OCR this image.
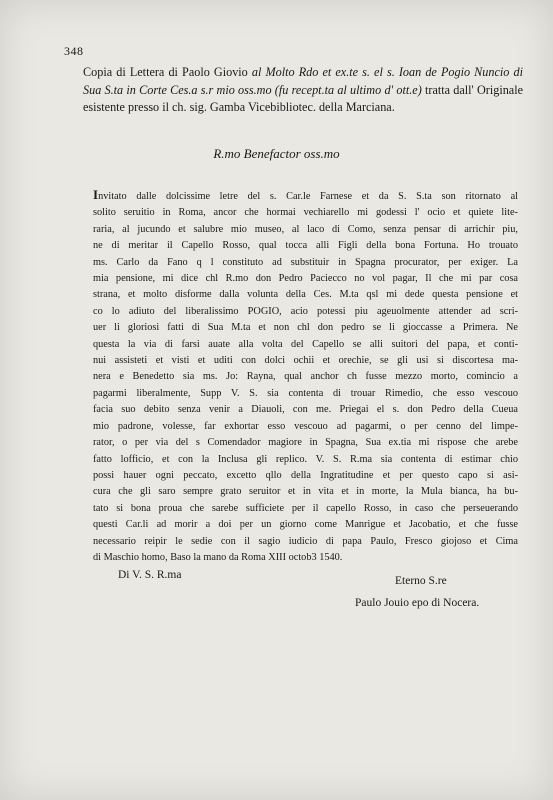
348
Copia di Lettera di Paolo Giovio al Molto Rdo et ex.te s. el s. Ioan de Pogio Nuncio di Sua S.ta in Corte Ces.a s.r mio oss.mo (fu recept.ta al ultimo d' ott.e) tratta dall' Originale esistente presso il ch. sig. Gamba Vicebibliotec. della Marciana.
R.mo Benefactor oss.mo
Invitato dalle dolcissime letre del s. Car.le Farnese et da S. S.ta son ritornato al
solito seruitio in Roma, ancor che hormai vechiarello mi godessi l' ocio et quiete lite-
raria, al jucundo et salubre mio museo, al laco di Como, senza pensar di arrichir piu,
ne di meritar il Capello Rosso, qual tocca alli Figli della bona Fortuna. Ho trouato
ms. Carlo da Fano q l constituto ad substituir in Spagna procurator, per exiger. La
mia pensione, mi dice chl R.mo don Pedro Paciecco no vol pagar, Il che mi par cosa
strana, et molto disforme dalla volunta della Ces. M.ta qsl mi dede questa pensione et
co lo adiuto del liberalissimo POGIO, acio potessi piu ageuolmente attender ad scri-
uer li gloriosi fatti di Sua M.ta et non chl don pedro se li gioccasse a Primera. Ne
questa la via di farsi auate alla volta del Capello se alli suitori del papa, et conti-
nui assisteti et visti et uditi con dolci ochii et orechie, se gli usi si discortesa ma-
nera e Benedetto sia ms. Jo: Rayna, qual anchor ch fusse mezzo morto, comincio a
pagarmi liberalmente, Supp V. S. sia contenta di trouar Rimedio, che esso vescouo
facia suo debito senza venir a Diauoli, con me. Priegai el s. don Pedro della Cueua
mio padrone, volesse, far exhortar esso vescouo ad pagarmi, o per cenno del limpe-
rator, o per via del s Comendador magiore in Spagna, Sua ex.tia mi rispose che arebe
fatto lofficio, et con la Inclusa gli replico. V. S. R.ma sia contenta di estimar chio
possi hauer ogni peccato, excetto qllo della Ingratitudine et per questo capo si asi-
cura che gli saro sempre grato seruitor et in vita et in morte, la Mula bianca, ha bu-
tato si bona proua che sarebe sufficiete per il capello Rosso, in caso che perseuerando
questi Car.li ad morir a doi per un giorno come Manrigue et Jacobatio, et che fusse
necessario reipir le sedie con il sagio iudicio di papa Paulo, Fresco giojoso et Cima
di Maschio homo, Baso la mano da Roma XIII octob3 1540.
Di V. S. R.ma	Eterno S.re
Paulo Jouio epo di Nocera.
